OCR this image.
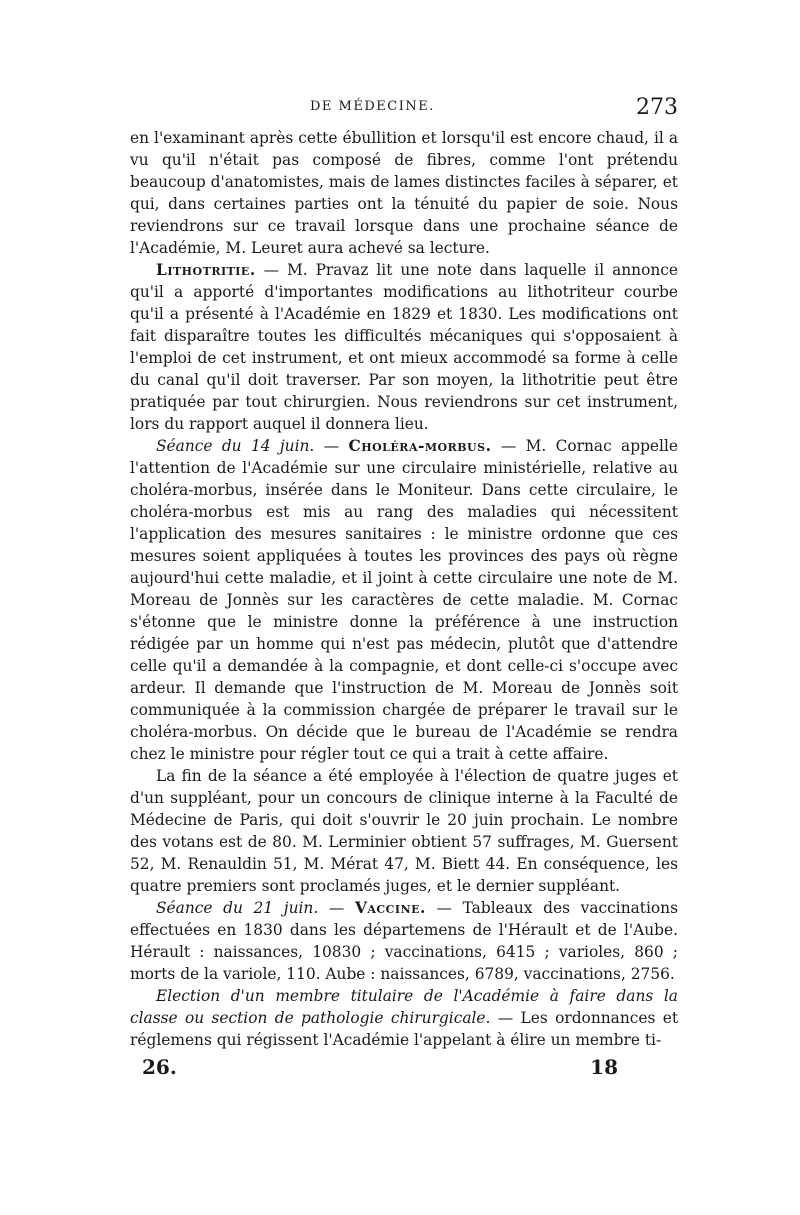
DE MÉDECINE.	273

en l'examinant après cette ébullition et lorsqu'il est encore chaud, il a vu qu'il n'était pas composé de fibres, comme l'ont prétendu beaucoup d'anatomistes, mais de lames distinctes faciles à séparer, et qui, dans certaines parties ont la ténuité du papier de soie. Nous reviendrons sur ce travail lorsque dans une prochaine séance de l'Académie, M. Leuret aura achevé sa lecture.

Lithotritie. — M. Pravaz lit une note dans laquelle il annonce qu'il a apporté d'importantes modifications au lithotriteur courbe qu'il a présenté à l'Académie en 1829 et 1830. Les modifications ont fait disparaître toutes les difficultés mécaniques qui s'opposaient à l'emploi de cet instrument, et ont mieux accommodé sa forme à celle du canal qu'il doit traverser. Par son moyen, la lithotritie peut être pratiquée par tout chirurgien. Nous reviendrons sur cet instrument, lors du rapport auquel il donnera lieu.

Séance du 14 juin. — Choléra-morbus. — M. Cornac appelle l'attention de l'Académie sur une circulaire ministérielle, relative au choléra-morbus, insérée dans le Moniteur. Dans cette circulaire, le choléra-morbus est mis au rang des maladies qui nécessitent l'application des mesures sanitaires : le ministre ordonne que ces mesures soient appliquées à toutes les provinces des pays où règne aujourd'hui cette maladie, et il joint à cette circulaire une note de M. Moreau de Jonnès sur les caractères de cette maladie. M. Cornac s'étonne que le ministre donne la préférence à une instruction rédigée par un homme qui n'est pas médecin, plutôt que d'attendre celle qu'il a demandée à la compagnie, et dont celle-ci s'occupe avec ardeur. Il demande que l'instruction de M. Moreau de Jonnès soit communiquée à la commission chargée de préparer le travail sur le choléra-morbus. On décide que le bureau de l'Académie se rendra chez le ministre pour régler tout ce qui a trait à cette affaire.

La fin de la séance a été employée à l'élection de quatre juges et d'un suppléant, pour un concours de clinique interne à la Faculté de Médecine de Paris, qui doit s'ouvrir le 20 juin prochain. Le nombre des votans est de 80. M. Lerminier obtient 57 suffrages, M. Guersent 52, M. Renauldin 51, M. Mérat 47, M. Biett 44. En conséquence, les quatre premiers sont proclamés juges, et le dernier suppléant.

Séance du 21 juin. — Vaccine. — Tableaux des vaccinations effectuées en 1830 dans les départemens de l'Hérault et de l'Aube. Hérault : naissances, 10830 ; vaccinations, 6415 ; varioles, 860 ; morts de la variole, 110. Aube : naissances, 6789, vaccinations, 2756.

Election d'un membre titulaire de l'Académie à faire dans la classe ou section de pathologie chirurgicale. — Les ordonnances et réglemens qui régissent l'Académie l'appelant à élire un membre ti-

26.	18
